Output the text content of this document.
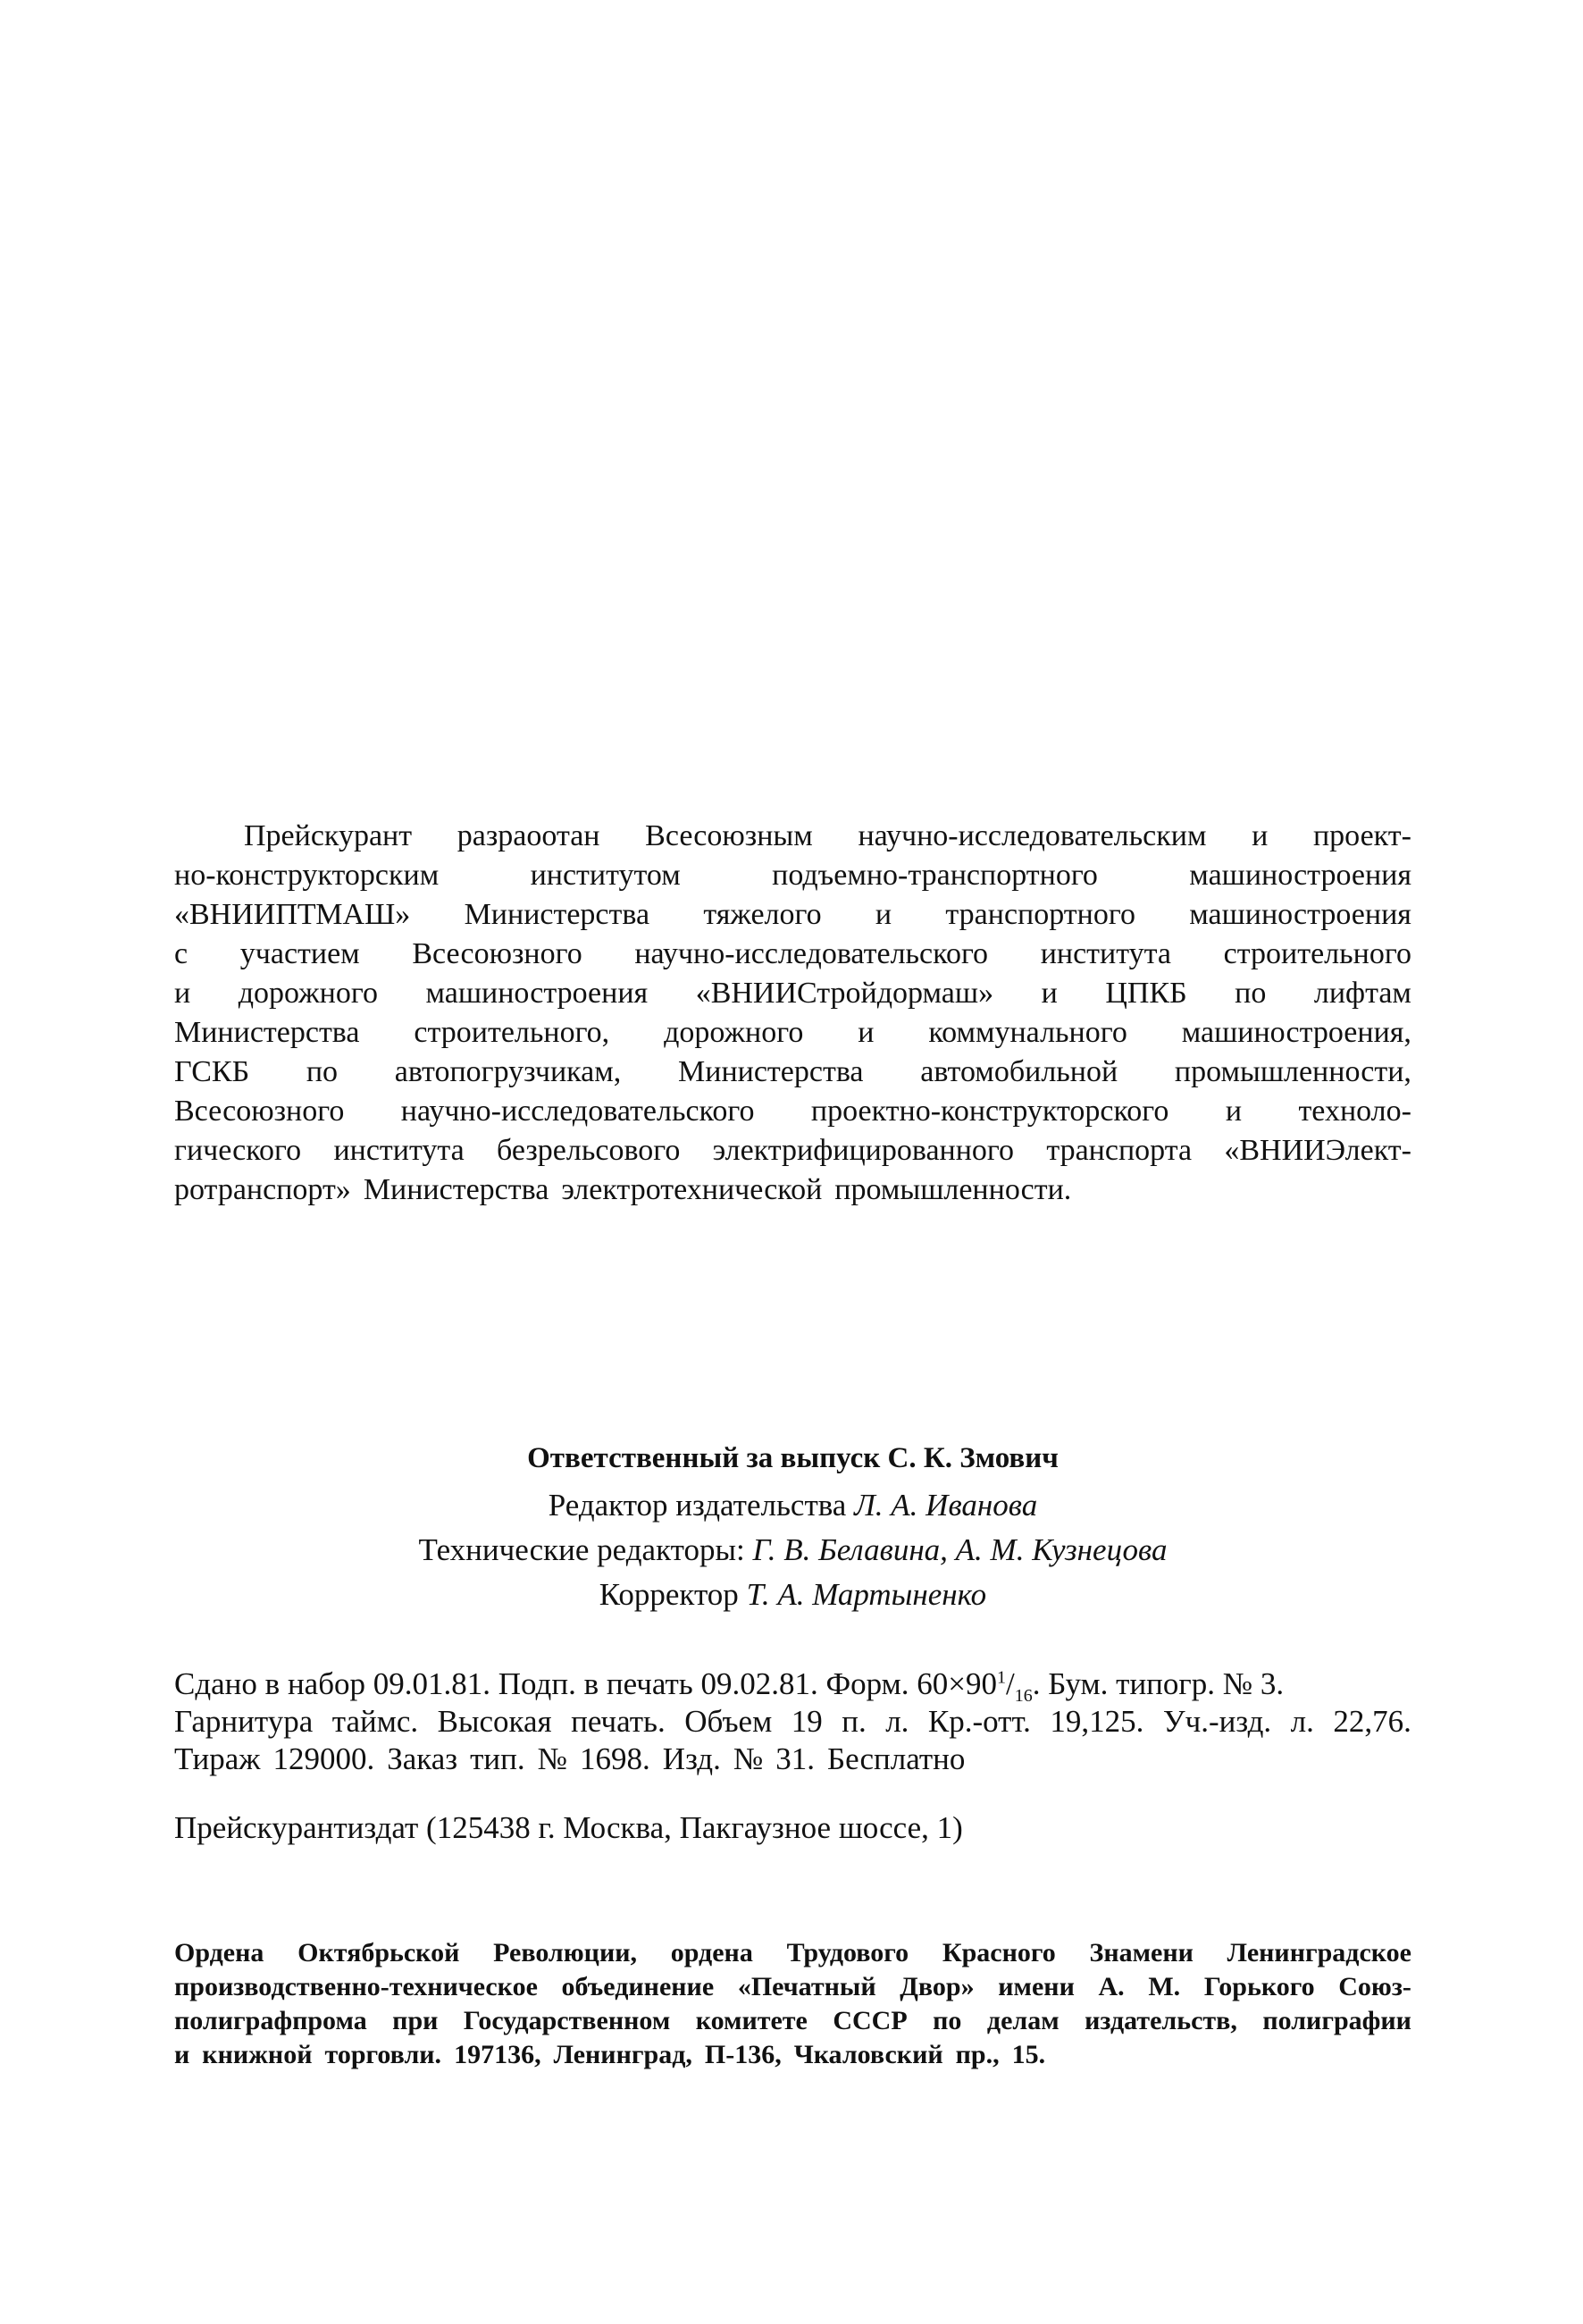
Прейскурант разраоотан Всесоюзным научно-исследовательским и проект-
но-конструкторским	институтом	подъемно-транспортного	машиностроения
«ВНИИПТМАШ» Министерства тяжелого и транспортного машиностроения
с участием Всесоюзного научно-исследовательского института строительного
и дорожного машиностроения «ВНИИСтройдормаш» и ЦПКБ по лифтам
Министерства строительного, дорожного и коммунального машиностроения,
ГСКБ по автопогрузчикам, Министерства автомобильной промышленности,
Всесоюзного научно-исследовательского проектно-конструкторского и техноло-
гического института безрельсового электрифицированного транспорта «ВНИИЭлект-
ротранспорт» Министерства электротехнической промышленности.
Ответственный за выпуск С. К. Змович
Редактор издательства Л. А. Иванова
Технические редакторы: Г. В. Белавина, А. М. Кузнецова
Корректор Т. А. Мартыненко
Сдано в набор 09.01.81. Подп. в печать 09.02.81. Форм. $60\times 90^1/_{16}$. Бум. типогр. № 3.
Гарнитура таймс. Высокая печать. Объем 19 п. л. Кр.-отт. 19,125. Уч.-изд. л. 22,76.
Тираж 129000. Заказ тип. № 1698. Изд. № 31. Бесплатно
Прейскурантиздат (125438 г. Москва, Пакгаузное шоссе, 1)
Ордена Октябрьской Революции, ордена Трудового Красного Знамени Ленинградское
производственно-техническое объединение «Печатный Двор» имени А. М. Горького Союз-
полиграфпрома при Государственном комитете СССР по делам издательств, полиграфии
и книжной торговли. 197136, Ленинград, П-136, Чкаловский пр., 15.
